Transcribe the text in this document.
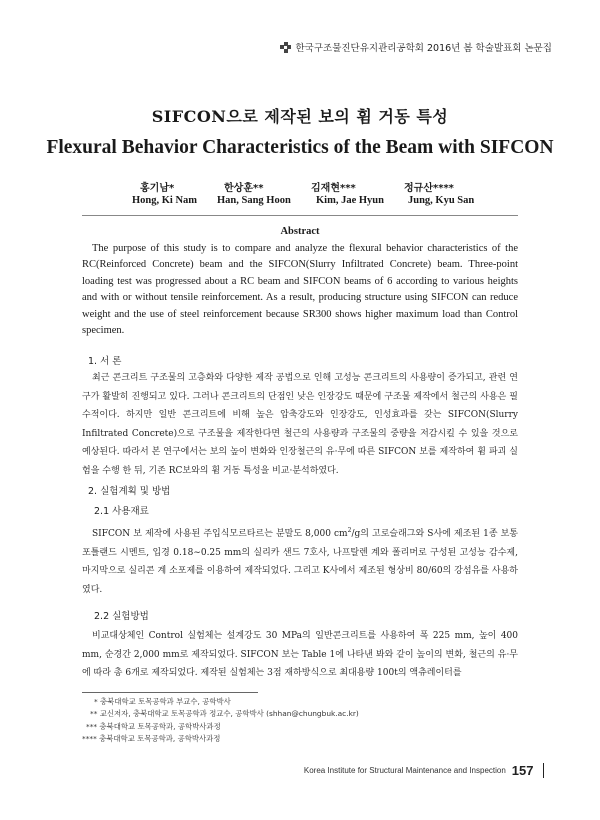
한국구조물진단유지관리공학회 2016년 봄 학술발표회 논문집
SIFCON으로 제작된 보의 휨 거동 특성
Flexural Behavior Characteristics of the Beam with SIFCON
홍기남*	한상훈**	김재현***	정규산****
Hong, Ki Nam Han, Sang Hoon Kim, Jae Hyun Jung, Kyu San
Abstract

The purpose of this study is to compare and analyze the flexural behavior characteristics of the RC(Reinforced Concrete) beam and the SIFCON(Slurry Infiltrated Concrete) beam. Three-point loading test was progressed about a RC beam and SIFCON beams of 6 according to various heights and with or without tensile reinforcement. As a result, producing structure using SIFCON can reduce weight and the use of steel reinforcement because SR300 shows higher maximum load than Control specimen.

1. 서 론

최근 콘크리트 구조물의 고층화와 다양한 제작 공법으로 인해 고성능 콘크리트의 사용량이 증가되고, 관련 연구가 활발히 진행되고 있다. 그러나 콘크리트의 단점인 낮은 인장강도 때문에 구조물 제작에서 철근의 사용은 필수적이다. 하지만 일반 콘크리트에 비해 높은 압축강도와 인장강도, 인성효과를 갖는 SIFCON(Slurry Infiltrated Concrete)으로 구조물을 제작한다면 철근의 사용량과 구조물의 중량을 저감시킬 수 있을 것으로 예상된다. 따라서 본 연구에서는 보의 높이 변화와 인장철근의 유·무에 따른 SIFCON 보를 제작하여 휨 파괴 실험을 수행 한 뒤, 기존 RC보와의 휨 거동 특성을 비교·분석하였다.

2. 실험계획 및 방법
2.1 사용재료

SIFCON 보 제작에 사용된 주입식모르타르는 분말도 8,000 $cm^2/g$의 고로슬래그와 S사에 제조된 1종 보통 포틀랜드 시멘트, 입경 0.18∼0.25 mm의 실리카 샌드 7호사, 나프탈렌 계와 폴리머로 구성된 고성능 감수제, 마지막으로 실리콘 계 소포제를 이용하여 제작되었다. 그리고 K사에서 제조된 형상비 80/60의 강섬유를 사용하였다.

2.2 실험방법

비교대상체인 Control 실험체는 설계강도 30 MPa의 일반콘크리트를 사용하여 폭 225 mm, 높이 400 mm, 순경간 2,000 mm로 제작되었다. SIFCON 보는 Table 1에 나타낸 봐와 같이 높이의 변화, 철근의 유·무에 따라 총 6개로 제작되었다. 제작된 실험체는 3점 재하방식으로 최대용량 100t의 액츄레이터를

* 충북대학교 토목공학과 부교수, 공학박사
** 교신저자, 충북대학교 토목공학과 정교수, 공학박사 (shhan@chungbuk.ac.kr)
*** 충북대학교 토목공학과, 공학박사과정
**** 충북대학교 토목공학과, 공학박사과정
Korea Institute for Structural Maintenance and Inspection 157
